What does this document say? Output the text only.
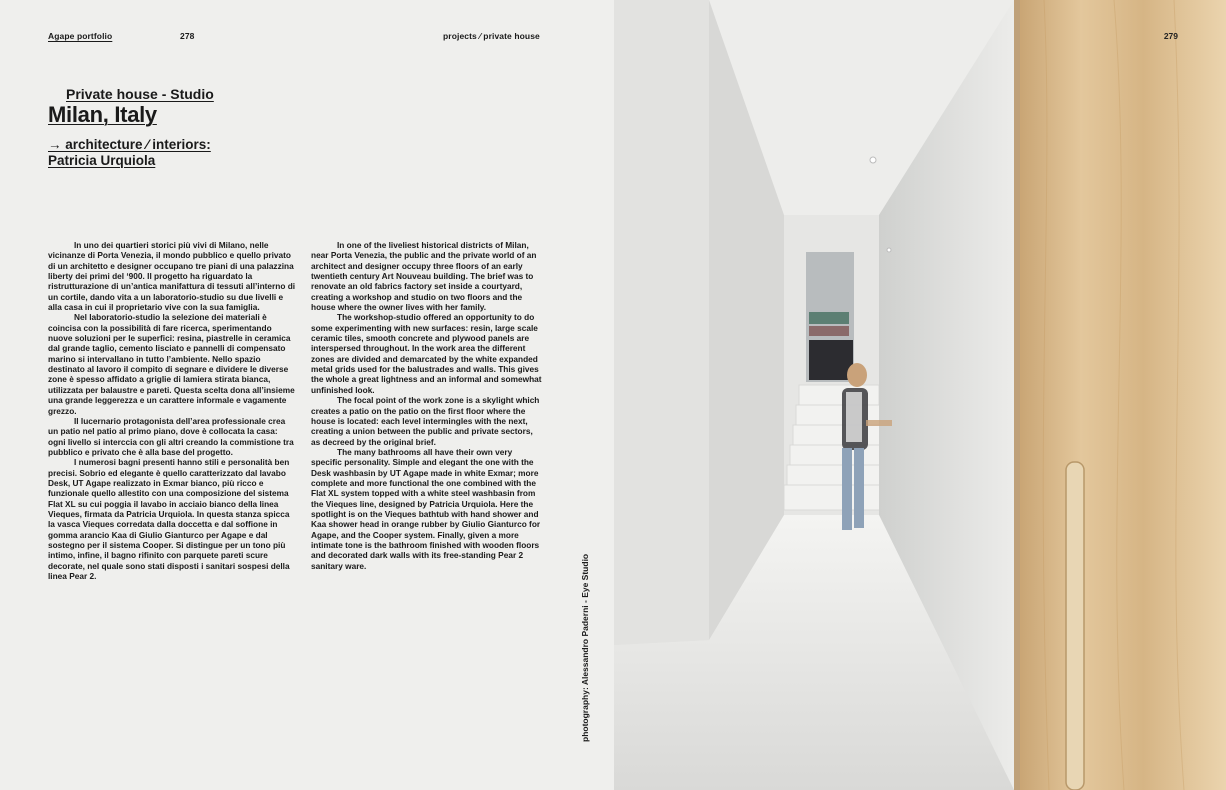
Agape portfolio	278	projects ⁄ private house
Private house - Studio
Milan, Italy
→ architecture ⁄ interiors:
Patricia Urquiola

In uno dei quartieri storici più vivi di Milano, nelle vicinanze di Porta Venezia, il mondo pubblico e quello privato di un architetto e designer occupano tre piani di una palazzina liberty dei primi del ‘900. Il progetto ha riguardato la ristrutturazione di un’antica manifattura di tessuti all’interno di un cortile, dando vita a un laboratorio-studio su due livelli e alla casa in cui il proprietario vive con la sua famiglia.

Nel laboratorio-studio la selezione dei materiali è coincisa con la possibilità di fare ricerca, sperimentando nuove soluzioni per le superfici: resina, piastrelle in ceramica dal grande taglio, cemento lisciato e pannelli di compensato marino si intervallano in tutto l’ambiente. Nello spazio destinato al lavoro il compito di segnare e dividere le diverse zone è spesso affidato a griglie di lamiera stirata bianca, utilizzata per balaustre e pareti. Questa scelta dona all’insieme una grande leggerezza e un carattere informale e vagamente grezzo.

Il lucernario protagonista dell’area professionale crea un patio nel patio al primo piano, dove è collocata la casa: ogni livello si interccia con gli altri creando la commistione tra pubblico e privato che è alla base del progetto.

I numerosi bagni presenti hanno stili e personalità ben precisi. Sobrio ed elegante è quello caratterizzato dal lavabo Desk, UT Agape realizzato in Exmar bianco, più ricco e funzionale quello allestito con una composizione del sistema Flat XL su cui poggia il lavabo in acciaio bianco della linea Vieques, firmata da Patricia Urquiola. In questa stanza spicca la vasca Vieques corredata dalla doccetta e dal soffione in gomma arancio Kaa di Giulio Gianturco per Agape e dal sostegno per il sistema Cooper. Si distingue per un tono più intimo, infine, il bagno rifinito con parquete pareti scure decorate, nel quale sono stati disposti i sanitari sospesi della linea Pear 2.

In one of the liveliest historical districts of Milan, near Porta Venezia, the public and the private world of an architect and designer occupy three floors of an early twentieth century Art Nouveau building. The brief was to renovate an old fabrics factory set inside a courtyard, creating a workshop and studio on two floors and the house where the owner lives with her family.

The workshop-studio offered an opportunity to do some experimenting with new surfaces: resin, large scale ceramic tiles, smooth concrete and plywood panels are interspersed throughout. In the work area the different zones are divided and demarcated by the white expanded metal grids used for the balustrades and walls. This gives the whole a great lightness and an informal and somewhat unfinished look.

The focal point of the work zone is a skylight which creates a patio on the patio on the first floor where the house is located: each level intermingles with the next, creating a union between the public and private sectors, as decreed by the original brief.

The many bathrooms all have their own very specific personality. Simple and elegant the one with the Desk washbasin by UT Agape made in white Exmar; more complete and more functional the one combined with the Flat XL system topped with a white steel washbasin from the Vieques line, designed by Patricia Urquiola. Here the spotlight is on the Vieques bathtub with hand shower and Kaa shower head in orange rubber by Giulio Gianturco for Agape, and the Cooper system. Finally, given a more intimate tone is the bathroom finished with wooden floors and decorated dark walls with its free-standing Pear 2 sanitary ware.	photography: Alessandro Paderni - Eye Studio
279
